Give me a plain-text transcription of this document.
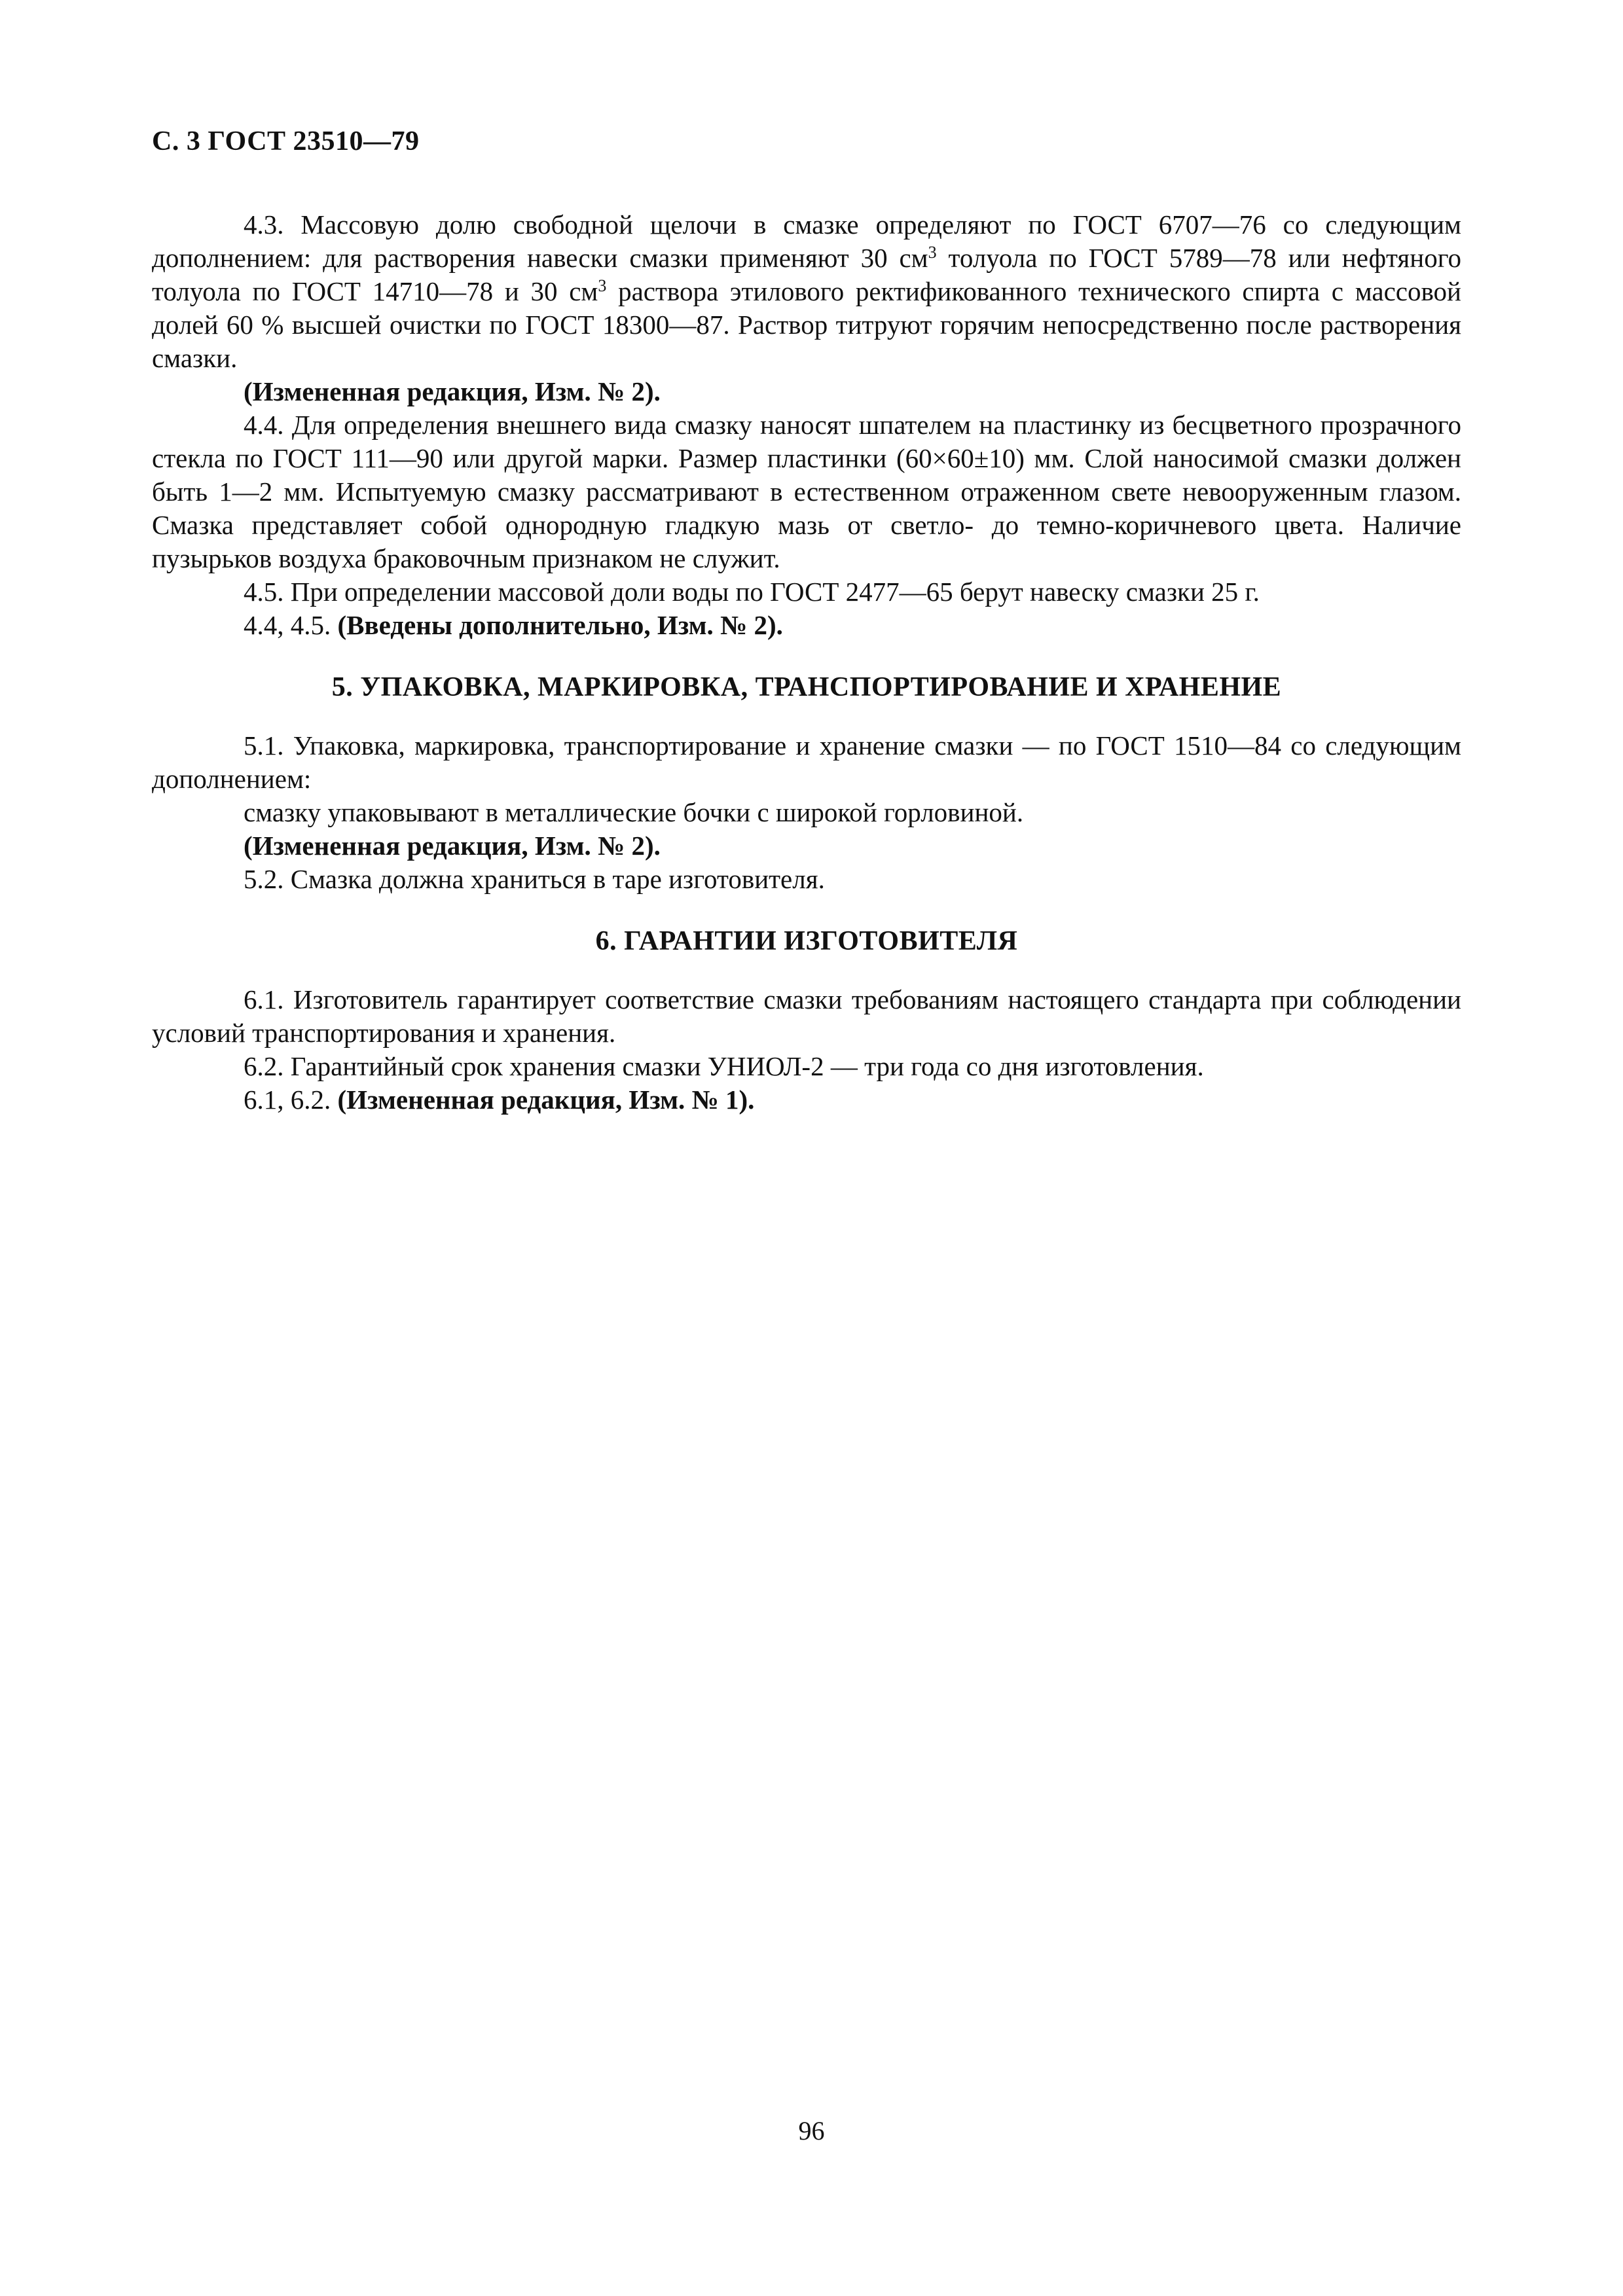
С. 3 ГОСТ 23510—79

4.3. Массовую долю свободной щелочи в смазке определяют по ГОСТ 6707—76 со следующим дополнением: для растворения навески смазки применяют 30 $см^3$ толуола по ГОСТ 5789—78 или нефтяного толуола по ГОСТ 14710—78 и 30 $см^3$ раствора этилового ректификованного технического спирта с массовой долей 60 % высшей очистки по ГОСТ 18300—87. Раствор титруют горячим непосредственно после растворения смазки.

(Измененная редакция, Изм. № 2).

4.4. Для определения внешнего вида смазку наносят шпателем на пластинку из бесцветного прозрачного стекла по ГОСТ 111—90 или другой марки. Размер пластинки (60×60±10) мм. Слой наносимой смазки должен быть 1—2 мм. Испытуемую смазку рассматривают в естественном отраженном свете невооруженным глазом. Смазка представляет собой однородную гладкую мазь от светло- до темно-коричневого цвета. Наличие пузырьков воздуха браковочным признаком не служит.

4.5. При определении массовой доли воды по ГОСТ 2477—65 берут навеску смазки 25 г.

4.4, 4.5. (Введены дополнительно, Изм. № 2).

5. УПАКОВКА, МАРКИРОВКА, ТРАНСПОРТИРОВАНИЕ И ХРАНЕНИЕ

5.1. Упаковка, маркировка, транспортирование и хранение смазки — по ГОСТ 1510—84 со следующим дополнением:

смазку упаковывают в металлические бочки с широкой горловиной.

(Измененная редакция, Изм. № 2).

5.2. Смазка должна храниться в таре изготовителя.

6. ГАРАНТИИ ИЗГОТОВИТЕЛЯ

6.1. Изготовитель гарантирует соответствие смазки требованиям настоящего стандарта при соблюдении условий транспортирования и хранения.

6.2. Гарантийный срок хранения смазки УНИОЛ-2 — три года со дня изготовления.

6.1, 6.2. (Измененная редакция, Изм. № 1).

96
